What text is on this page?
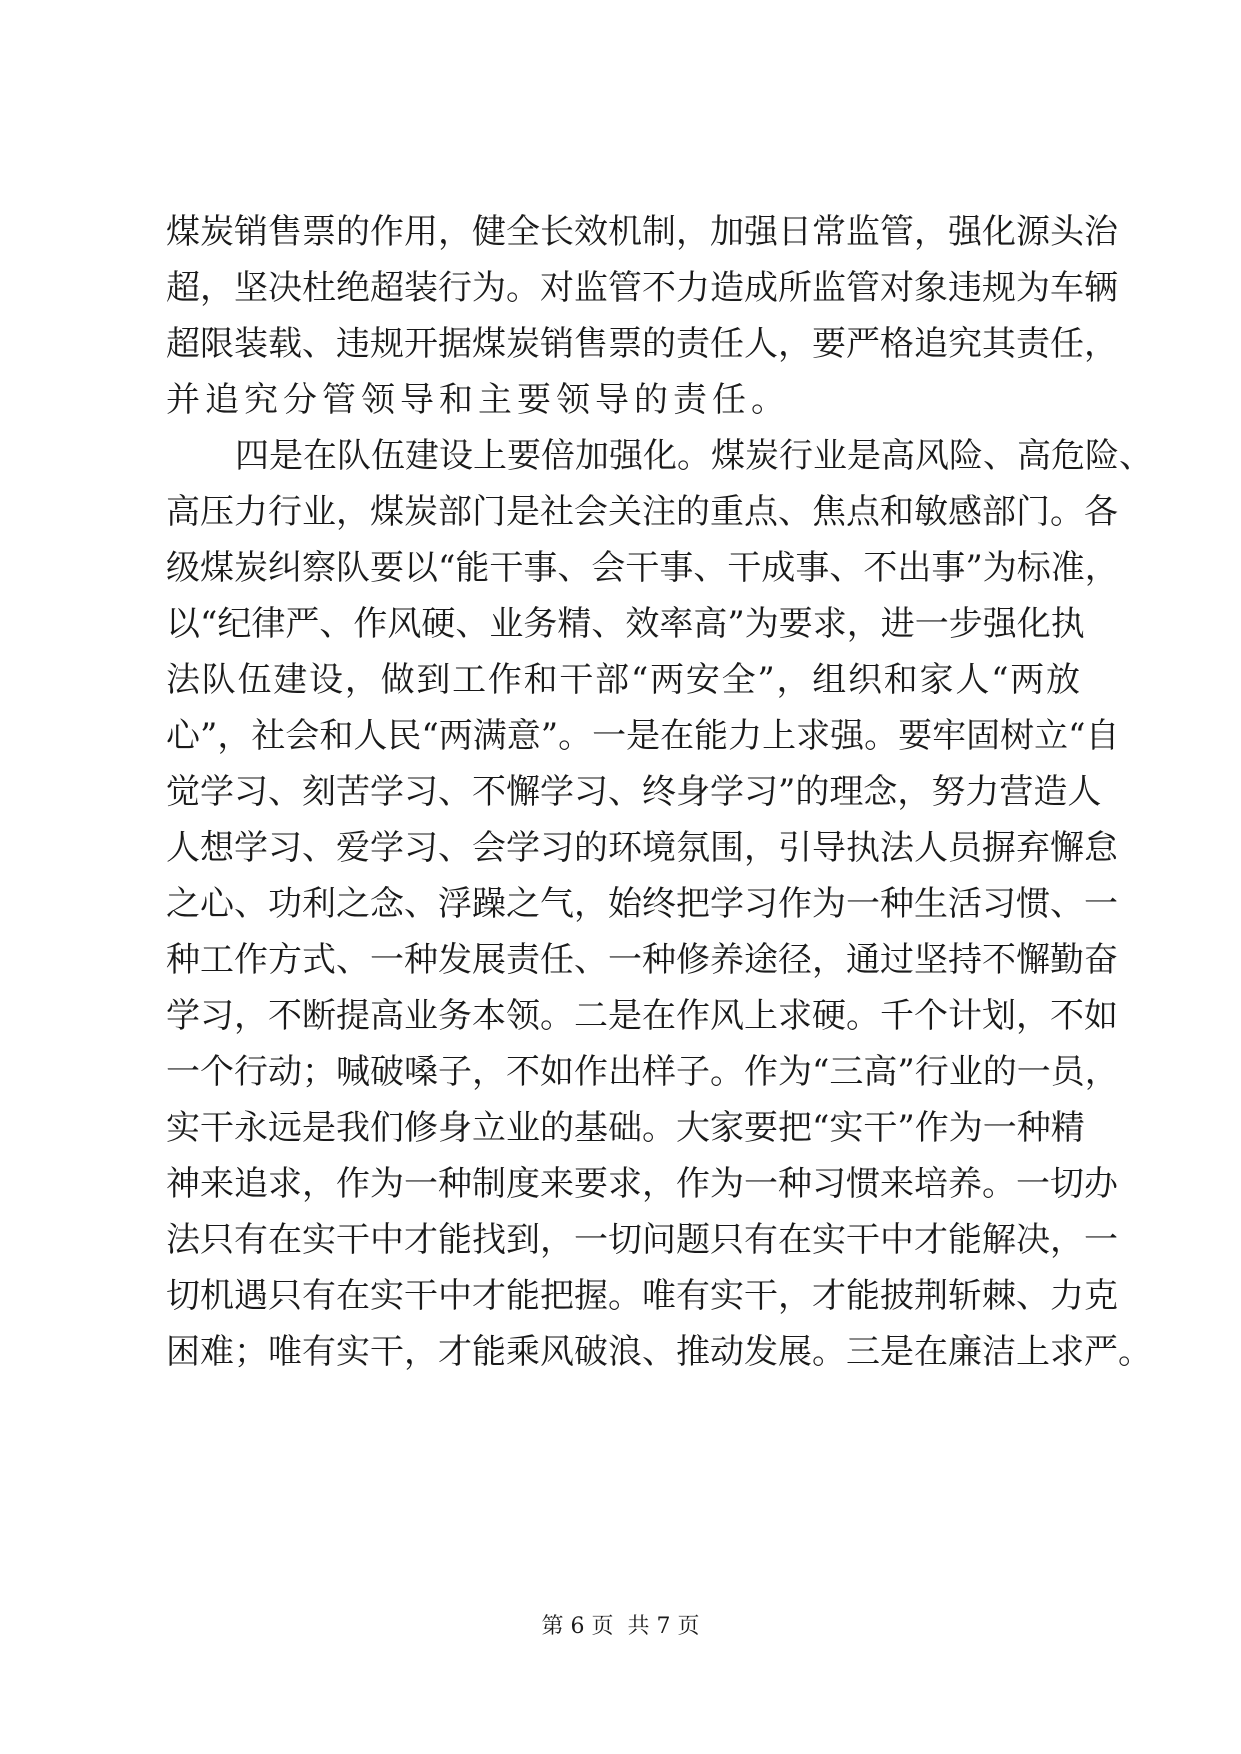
煤炭销售票的作用，健全长效机制，加强日常监管，强化源头治
超，坚决杜绝超装行为。对监管不力造成所监管对象违规为车辆
超限装载、违规开据煤炭销售票的责任人，要严格追究其责任，
并追究分管领导和主要领导的责任。
四是在队伍建设上要倍加强化。煤炭行业是高风险、高危险、
高压力行业，煤炭部门是社会关注的重点、焦点和敏感部门。各
级煤炭纠察队要以“能干事、会干事、干成事、不出事”为标准，
以“纪律严、作风硬、业务精、效率高”为要求，进一步强化执
法队伍建设，做到工作和干部“两安全”，组织和家人“两放
心”，社会和人民“两满意”。一是在能力上求强。要牢固树立“自
觉学习、刻苦学习、不懈学习、终身学习”的理念，努力营造人
人想学习、爱学习、会学习的环境氛围，引导执法人员摒弃懈怠
之心、功利之念、浮躁之气，始终把学习作为一种生活习惯、一
种工作方式、一种发展责任、一种修养途径，通过坚持不懈勤奋
学习，不断提高业务本领。二是在作风上求硬。千个计划，不如
一个行动；喊破嗓子，不如作出样子。作为“三高”行业的一员，
实干永远是我们修身立业的基础。大家要把“实干”作为一种精
神来追求，作为一种制度来要求，作为一种习惯来培养。一切办
法只有在实干中才能找到，一切问题只有在实干中才能解决，一
切机遇只有在实干中才能把握。唯有实干，才能披荆斩棘、力克
困难；唯有实干，才能乘风破浪、推动发展。三是在廉洁上求严。
第 6 页  共 7 页
